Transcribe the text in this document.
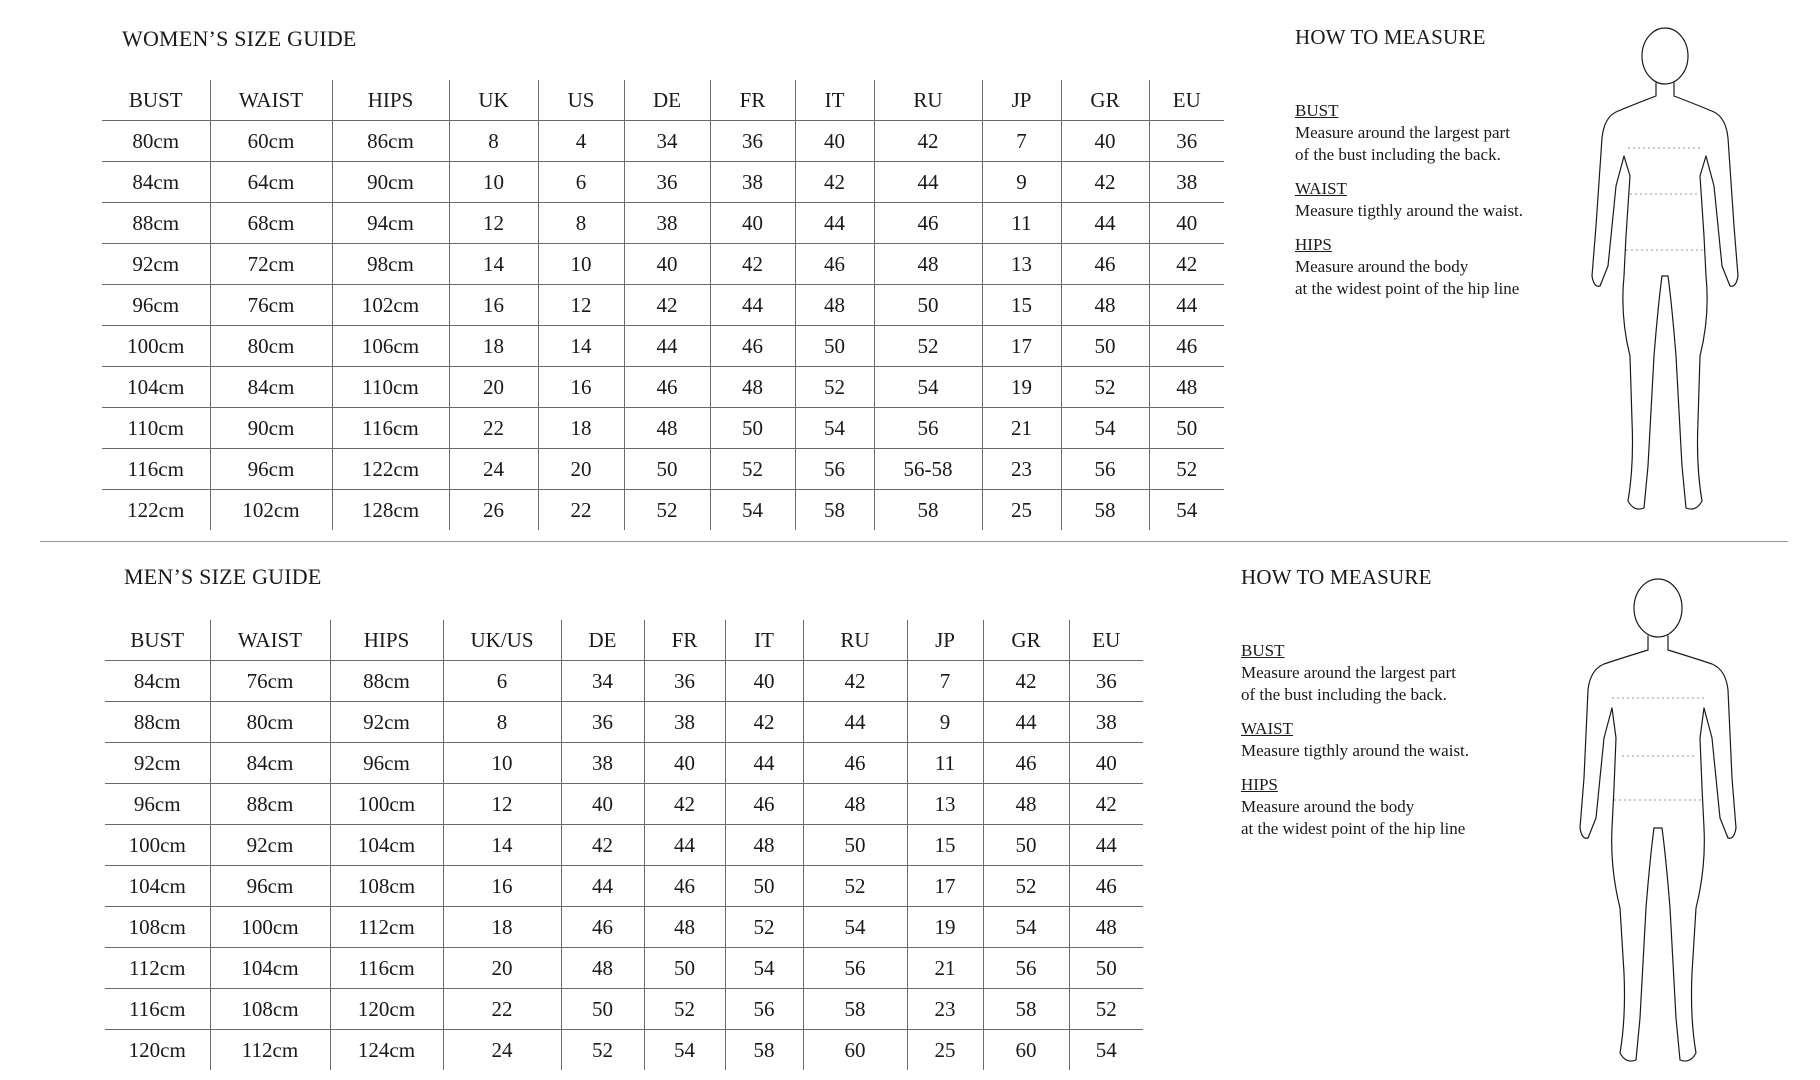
WOMEN’S SIZE GUIDE
BUST	WAIST	HIPS	UK	US	DE	FR	IT	RU	JP	GR	EU
80cm	60cm	86cm	8	4	34	36	40	42	7	40	36
84cm	64cm	90cm	10	6	36	38	42	44	9	42	38
88cm	68cm	94cm	12	8	38	40	44	46	11	44	40
92cm	72cm	98cm	14	10	40	42	46	48	13	46	42
96cm	76cm	102cm	16	12	42	44	48	50	15	48	44
100cm	80cm	106cm	18	14	44	46	50	52	17	50	46
104cm	84cm	110cm	20	16	46	48	52	54	19	52	48
110cm	90cm	116cm	22	18	48	50	54	56	21	54	50
116cm	96cm	122cm	24	20	50	52	56	56-58	23	56	52
122cm	102cm	128cm	26	22	52	54	58	58	25	58	54
HOW TO MEASURE
BUST
Measure around the largest part
of the bust including the back.
WAIST
Measure tigthly around the waist.
HIPS
Measure around the body
at the widest point of the hip line
MEN’S SIZE GUIDE
BUST	WAIST	HIPS	UK/US	DE	FR	IT	RU	JP	GR	EU
84cm	76cm	88cm	6	34	36	40	42	7	42	36
88cm	80cm	92cm	8	36	38	42	44	9	44	38
92cm	84cm	96cm	10	38	40	44	46	11	46	40
96cm	88cm	100cm	12	40	42	46	48	13	48	42
100cm	92cm	104cm	14	42	44	48	50	15	50	44
104cm	96cm	108cm	16	44	46	50	52	17	52	46
108cm	100cm	112cm	18	46	48	52	54	19	54	48
112cm	104cm	116cm	20	48	50	54	56	21	56	50
116cm	108cm	120cm	22	50	52	56	58	23	58	52
120cm	112cm	124cm	24	52	54	58	60	25	60	54
HOW TO MEASURE
BUST
Measure around the largest part
of the bust including the back.
WAIST
Measure tigthly around the waist.
HIPS
Measure around the body
at the widest point of the hip line
